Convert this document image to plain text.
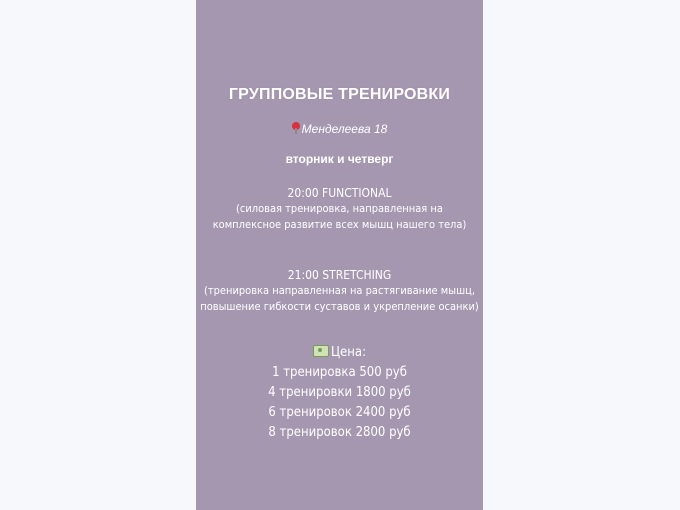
ГРУППОВЫЕ ТРЕНИРОВКИ
Менделеева 18
вторник и четверг
20:00 FUNCTIONAL
(силовая тренировка, направленная на
комплексное развитие всех мышц нашего тела)
21:00 STRETCHING
(тренировка направленная на растягивание мышц,
повышение гибкости суставов и укрепление осанки)
Цена:
1 тренировка 500 руб
4 тренировки 1800 руб
6 тренировок 2400 руб
8 тренировок 2800 руб
